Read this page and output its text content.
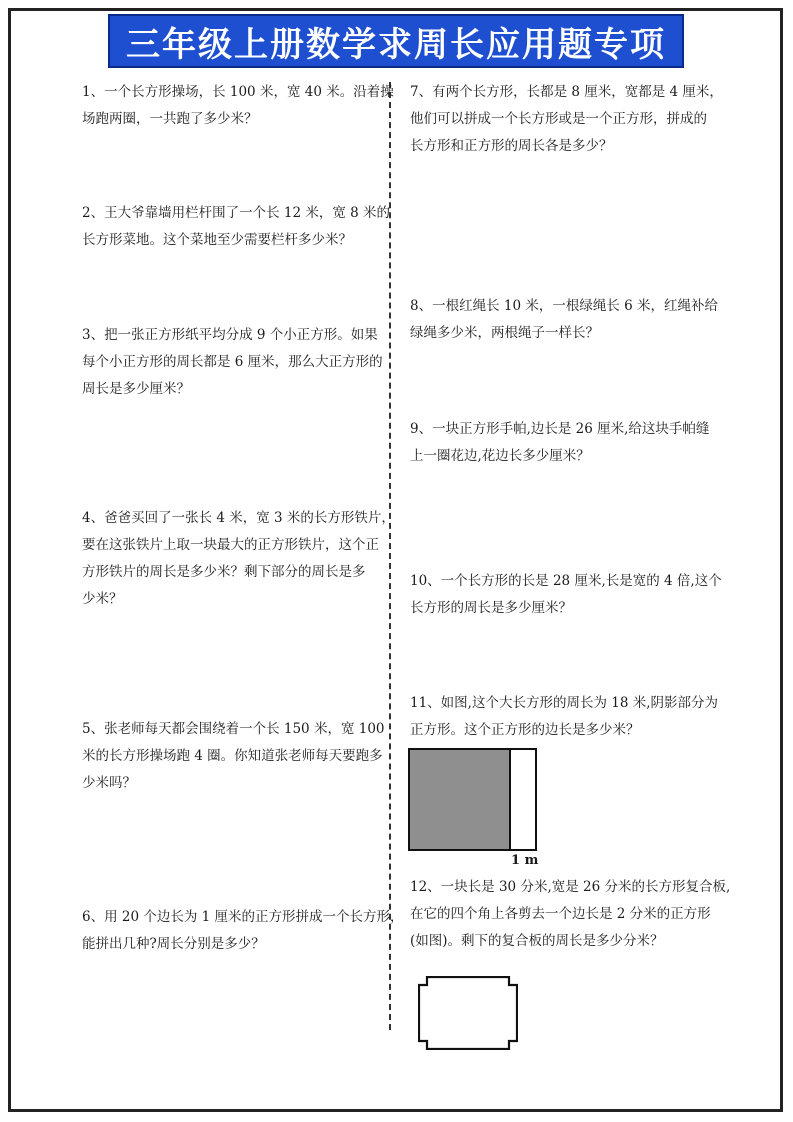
三年级上册数学求周长应用题专项
1、一个长方形操场，长 100 米，宽 40 米。沿着操
场跑两圈，一共跑了多少米？
2、王大爷靠墙用栏杆围了一个长 12 米，宽 8 米的
长方形菜地。这个菜地至少需要栏杆多少米？
3、把一张正方形纸平均分成 9 个小正方形。如果
每个小正方形的周长都是 6 厘米，那么大正方形的
周长是多少厘米？
4、爸爸买回了一张长 4 米，宽 3 米的长方形铁片，
要在这张铁片上取一块最大的正方形铁片，这个正
方形铁片的周长是多少米？剩下部分的周长是多
少米？
5、张老师每天都会围绕着一个长 150 米，宽 100
米的长方形操场跑 4 圈。你知道张老师每天要跑多
少米吗？
6、用 20 个边长为 1 厘米的正方形拼成一个长方形，
能拼出几种?周长分别是多少？
7、有两个长方形，长都是 8 厘米，宽都是 4 厘米，
他们可以拼成一个长方形或是一个正方形，拼成的
长方形和正方形的周长各是多少？
8、一根红绳长 10 米，一根绿绳长 6 米，红绳补给
绿绳多少米，两根绳子一样长？
9、一块正方形手帕,边长是 26 厘米,给这块手帕缝
上一圈花边,花边长多少厘米？
10、一个长方形的长是 28 厘米,长是宽的 4 倍,这个
长方形的周长是多少厘米？
11、如图,这个大长方形的周长为 18 米,阴影部分为
正方形。这个正方形的边长是多少米？
1 m
12、一块长是 30 分米,宽是 26 分米的长方形复合板,
在它的四个角上各剪去一个边长是 2 分米的正方形
(如图)。剩下的复合板的周长是多少分米？
